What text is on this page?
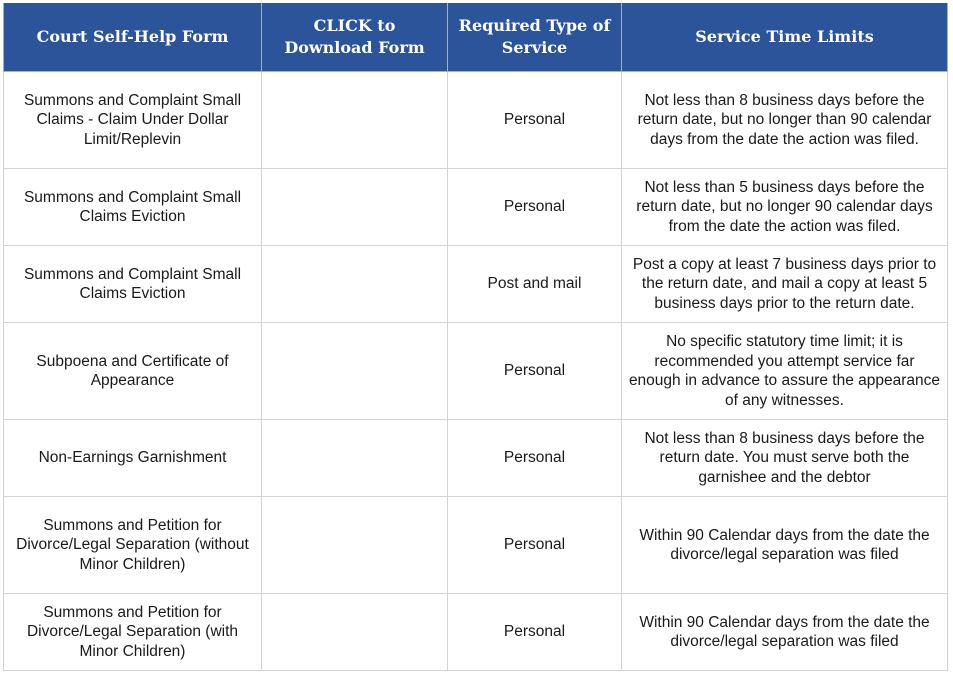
Court Self-Help Form	CLICK to Download Form	Required Type of Service	Service Time Limits
Summons and Complaint Small Claims - Claim Under Dollar Limit/Replevin		Personal	Not less than 8 business days before the return date, but no longer than 90 calendar days from the date the action was filed.
Summons and Complaint Small Claims Eviction		Personal	Not less than 5 business days before the return date, but no longer 90 calendar days from the date the action was filed.
Summons and Complaint Small Claims Eviction		Post and mail	Post a copy at least 7 business days prior to the return date, and mail a copy at least 5 business days prior to the return date.
Subpoena and Certificate of Appearance		Personal	No specific statutory time limit; it is recommended you attempt service far enough in advance to assure the appearance of any witnesses.
Non-Earnings Garnishment		Personal	Not less than 8 business days before the return date. You must serve both the garnishee and the debtor
Summons and Petition for Divorce/Legal Separation (without Minor Children)		Personal	Within 90 Calendar days from the date the divorce/legal separation was filed
Summons and Petition for Divorce/Legal Separation (with Minor Children)		Personal	Within 90 Calendar days from the date the divorce/legal separation was filed
